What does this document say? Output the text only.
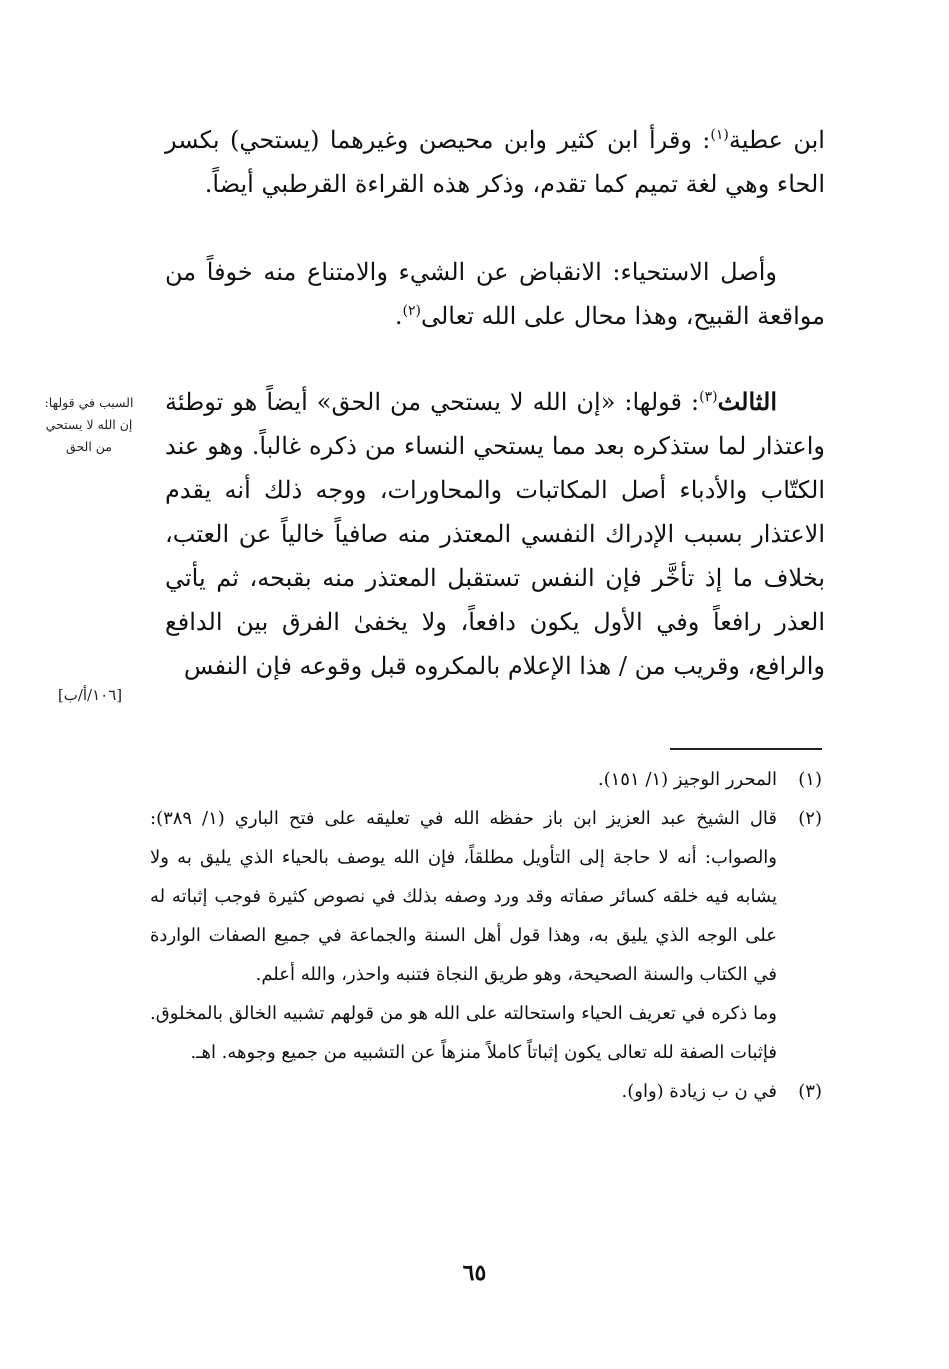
ابن عطية$^{(١)}$: وقرأ ابن كثير وابن محيصن وغيرهما (يستحي) بكسر الحاء وهي لغة تميم كما تقدم، وذكر هذه القراءة القرطبي أيضاً.

وأصل الاستحياء: الانقباض عن الشيء والامتناع منه خوفاً من مواقعة القبيح، وهذا محال على الله تعالى$^{(٢)}$.

الثالث$^{(٣)}$: قولها: «إن الله لا يستحي من الحق» أيضاً هو توطئة واعتذار لما ستذكره بعد مما يستحي النساء من ذكره غالباً. وهو عند الكتّاب والأدباء أصل المكاتبات والمحاورات، ووجه ذلك أنه يقدم الاعتذار بسبب الإدراك النفسي المعتذر منه صافياً خالياً عن العتب، بخلاف ما إذ تأخَّر فإن النفس تستقبل المعتذر منه بقبحه، ثم يأتي العذر رافعاً وفي الأول يكون دافعاً، ولا يخفىٰ الفرق بين الدافع والرافع، وقريب من / هذا الإعلام بالمكروه قبل وقوعه فإن النفس

السبب في قولها: إن الله لا يستحي من الحق
[١٠٦/أ/ب]
(١)

المحرر الوجيز (١/ ١٥١).

(٢)

قال الشيخ عبد العزيز ابن باز حفظه الله في تعليقه على فتح الباري (١/ ٣٨٩): والصواب: أنه لا حاجة إلى التأويل مطلقاً، فإن الله يوصف بالحياء الذي يليق به ولا يشابه فيه خلقه كسائر صفاته وقد ورد وصفه بذلك في نصوص كثيرة فوجب إثباته له على الوجه الذي يليق به، وهذا قول أهل السنة والجماعة في جميع الصفات الواردة في الكتاب والسنة الصحيحة، وهو طريق النجاة فتنبه واحذر، والله أعلم.

وما ذكره في تعريف الحياء واستحالته على الله هو من قولهم تشبيه الخالق بالمخلوق. فإثبات الصفة لله تعالى يكون إثباتاً كاملاً منزهاً عن التشبيه من جميع وجوهه. اهـ.

(٣)

في ن ب زيادة (واو).

٦٥
